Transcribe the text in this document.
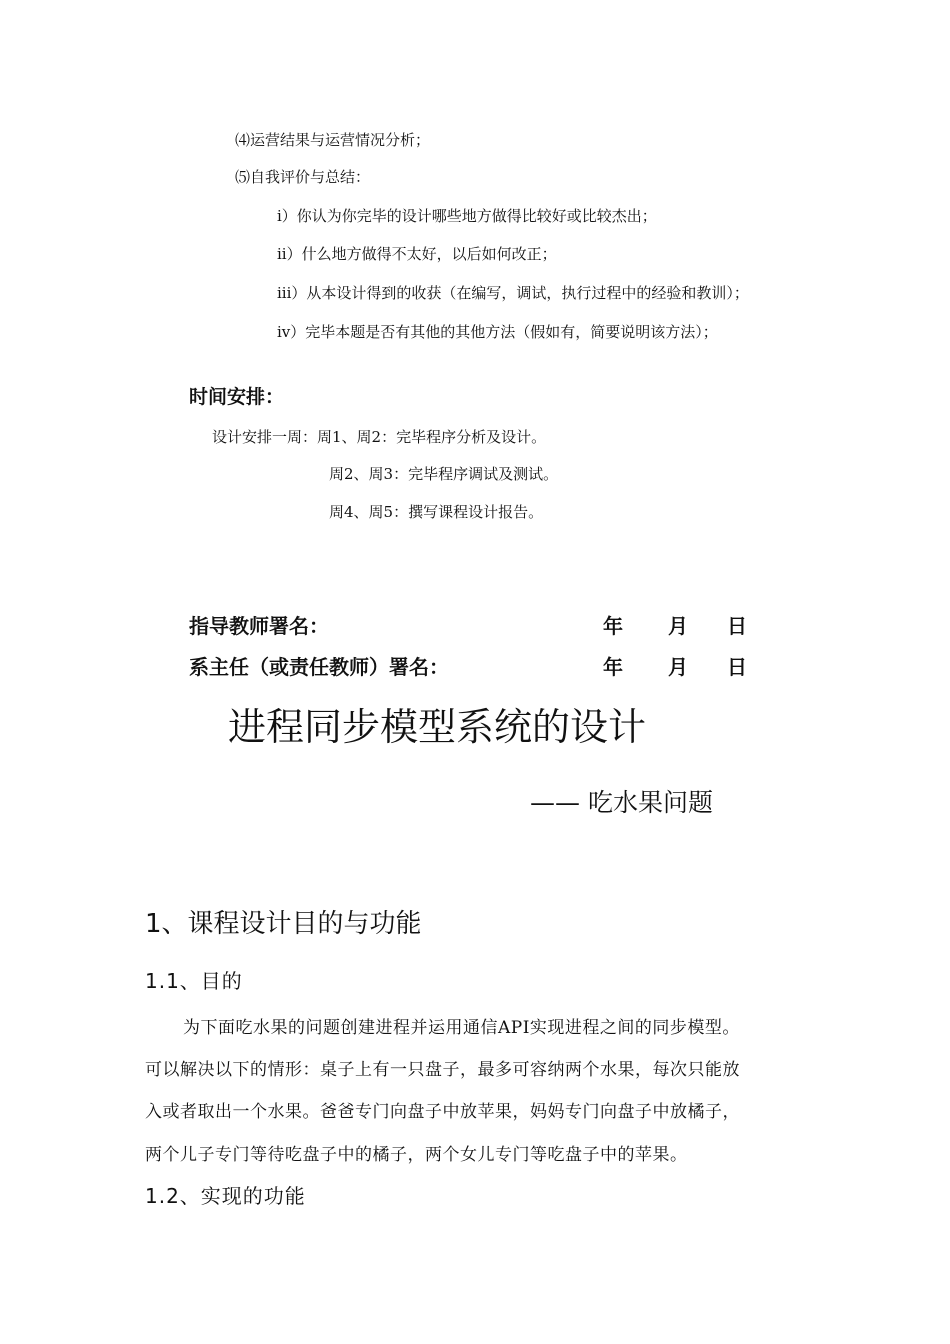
⑷运营结果与运营情况分析；
⑸自我评价与总结：
i）你认为你完毕的设计哪些地方做得比较好或比较杰出；
ii）什么地方做得不太好，以后如何改正；
iii）从本设计得到的收获（在编写，调试，执行过程中的经验和教训）；
iv）完毕本题是否有其他的其他方法（假如有，简要说明该方法）；
时间安排：
设计安排一周：周1、周2：完毕程序分析及设计。
周2、周3：完毕程序调试及测试。
周4、周5：撰写课程设计报告。
指导教师署名：	年 月 日
系主任（或责任教师）署名：	年 月 日
进程同步模型系统的设计
—— 吃水果问题
1、课程设计目的与功能
1.1、目的
为下面吃水果的问题创建进程并运用通信API实现进程之间的同步模型。
可以解决以下的情形：桌子上有一只盘子，最多可容纳两个水果，每次只能放
入或者取出一个水果。爸爸专门向盘子中放苹果，妈妈专门向盘子中放橘子，
两个儿子专门等待吃盘子中的橘子，两个女儿专门等吃盘子中的苹果。
1.2、实现的功能
